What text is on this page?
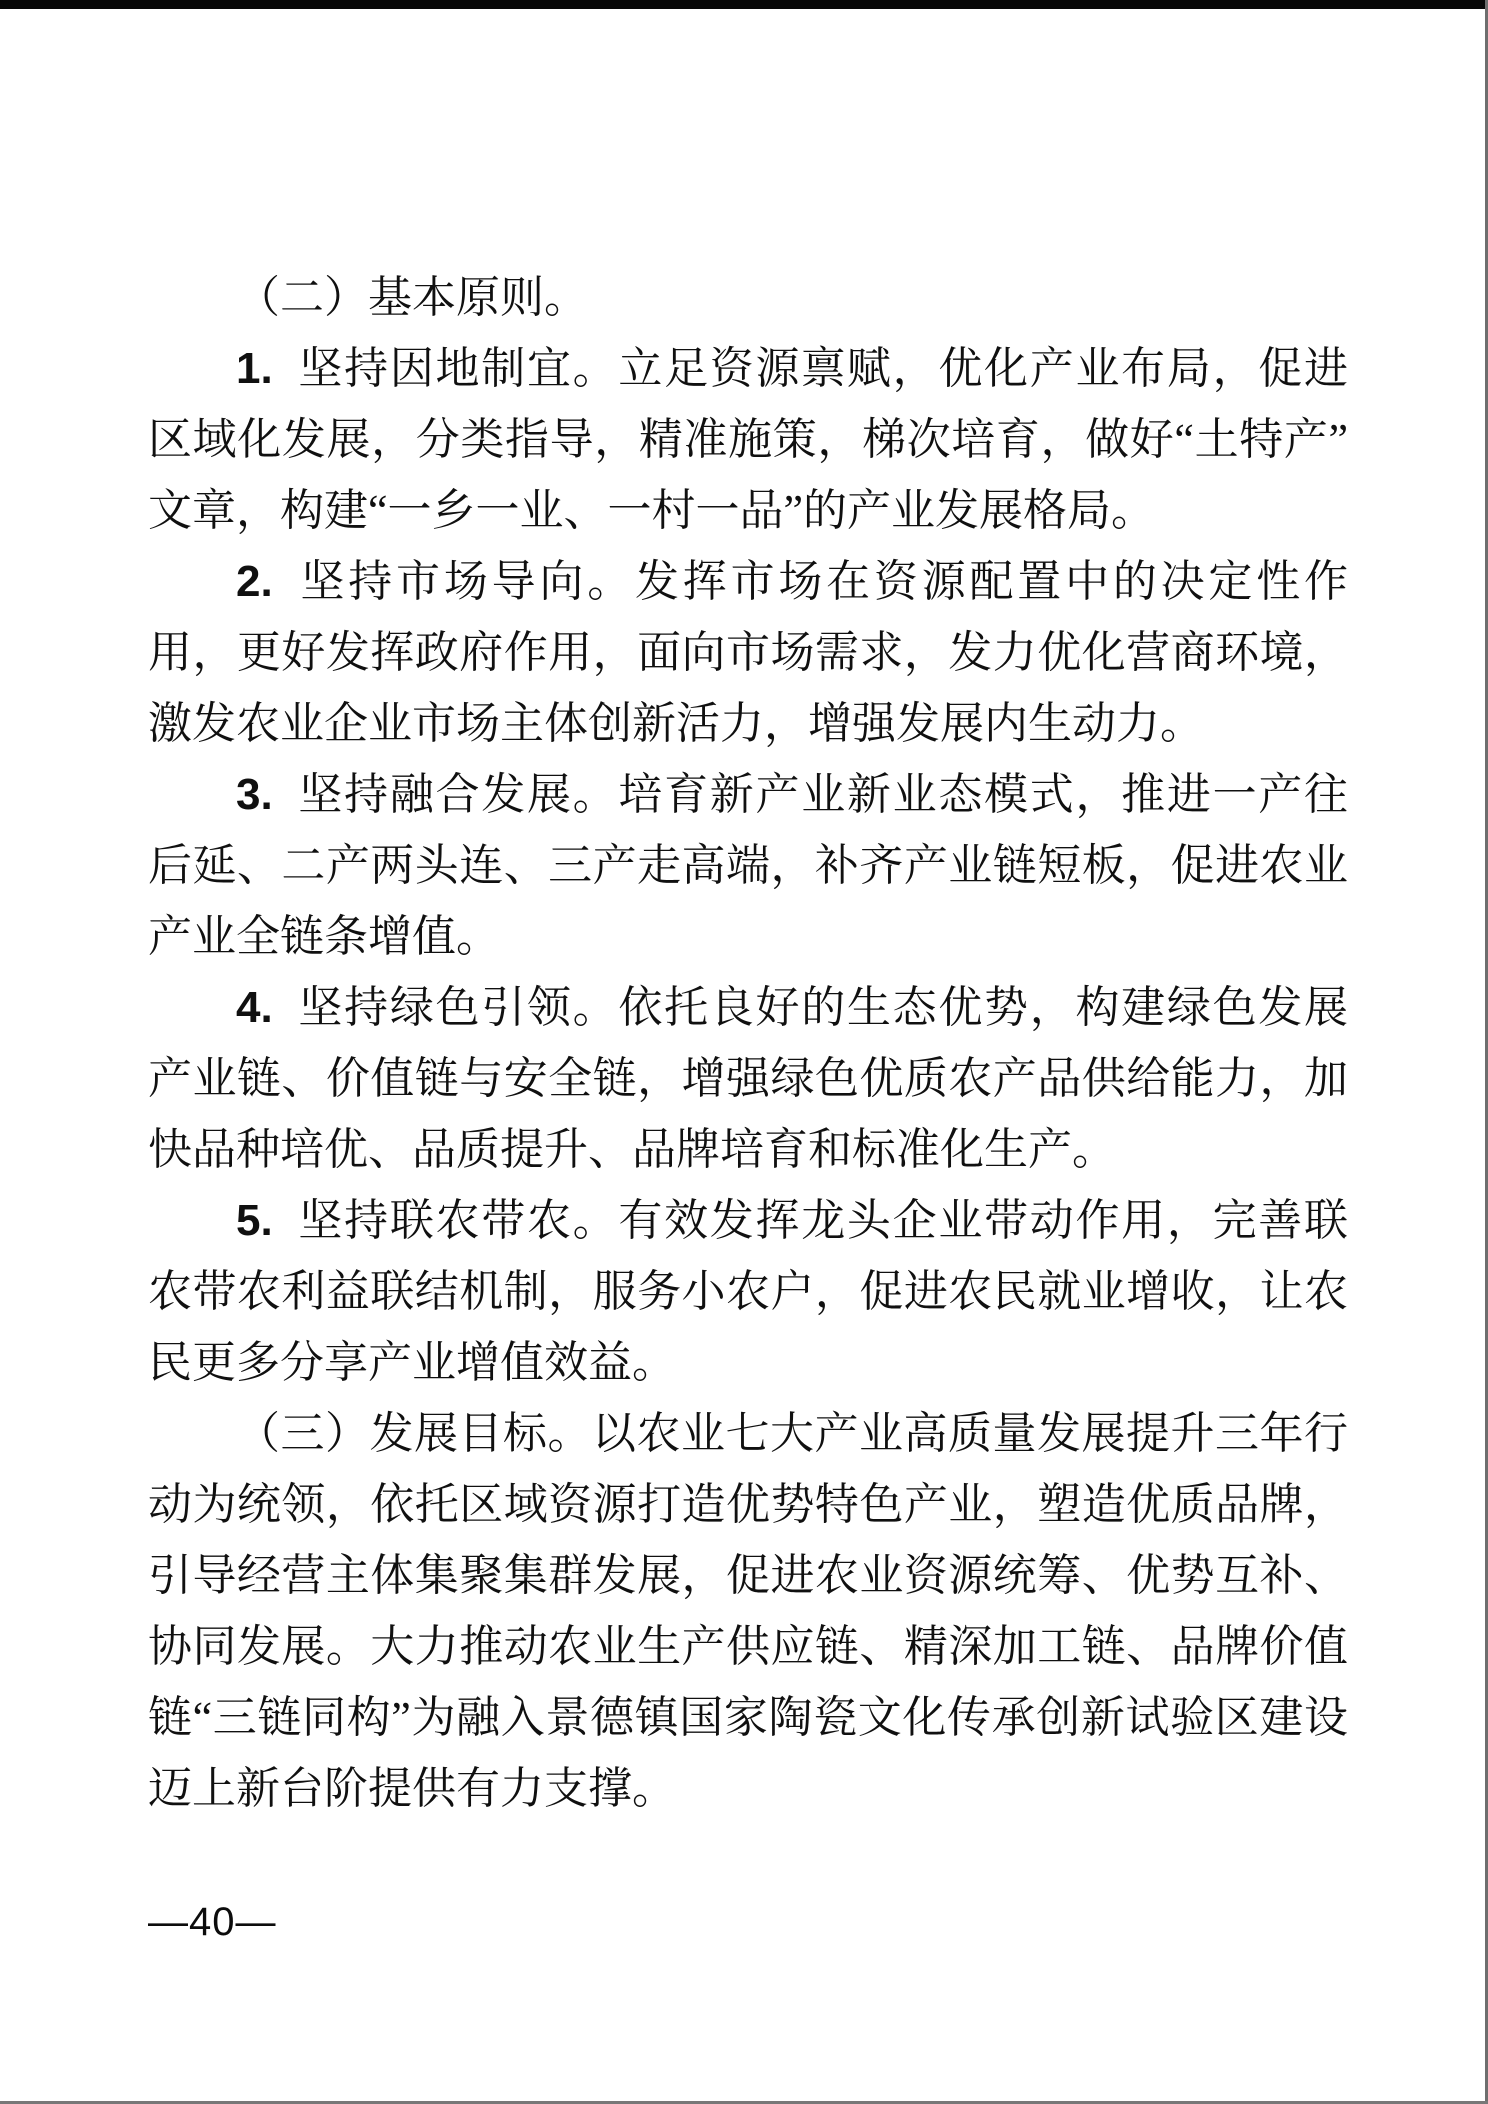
（二）基本原则。

1. 坚持因地制宜。立足资源禀赋，优化产业布局，促进区域化发展，分类指导，精准施策，梯次培育，做好“土特产”文章，构建“一乡一业、一村一品”的产业发展格局。

2. 坚持市场导向。发挥市场在资源配置中的决定性作用，更好发挥政府作用，面向市场需求，发力优化营商环境，激发农业企业市场主体创新活力，增强发展内生动力。

3. 坚持融合发展。培育新产业新业态模式，推进一产往后延、二产两头连、三产走高端，补齐产业链短板，促进农业产业全链条增值。

4. 坚持绿色引领。依托良好的生态优势，构建绿色发展产业链、价值链与安全链，增强绿色优质农产品供给能力，加快品种培优、品质提升、品牌培育和标准化生产。

5. 坚持联农带农。有效发挥龙头企业带动作用，完善联农带农利益联结机制，服务小农户，促进农民就业增收，让农民更多分享产业增值效益。

（三）发展目标。以农业七大产业高质量发展提升三年行动为统领，依托区域资源打造优势特色产业，塑造优质品牌，引导经营主体集聚集群发展，促进农业资源统筹、优势互补、协同发展。大力推动农业生产供应链、精深加工链、品牌价值链“三链同构”为融入景德镇国家陶瓷文化传承创新试验区建设迈上新台阶提供有力支撑。

—40—
